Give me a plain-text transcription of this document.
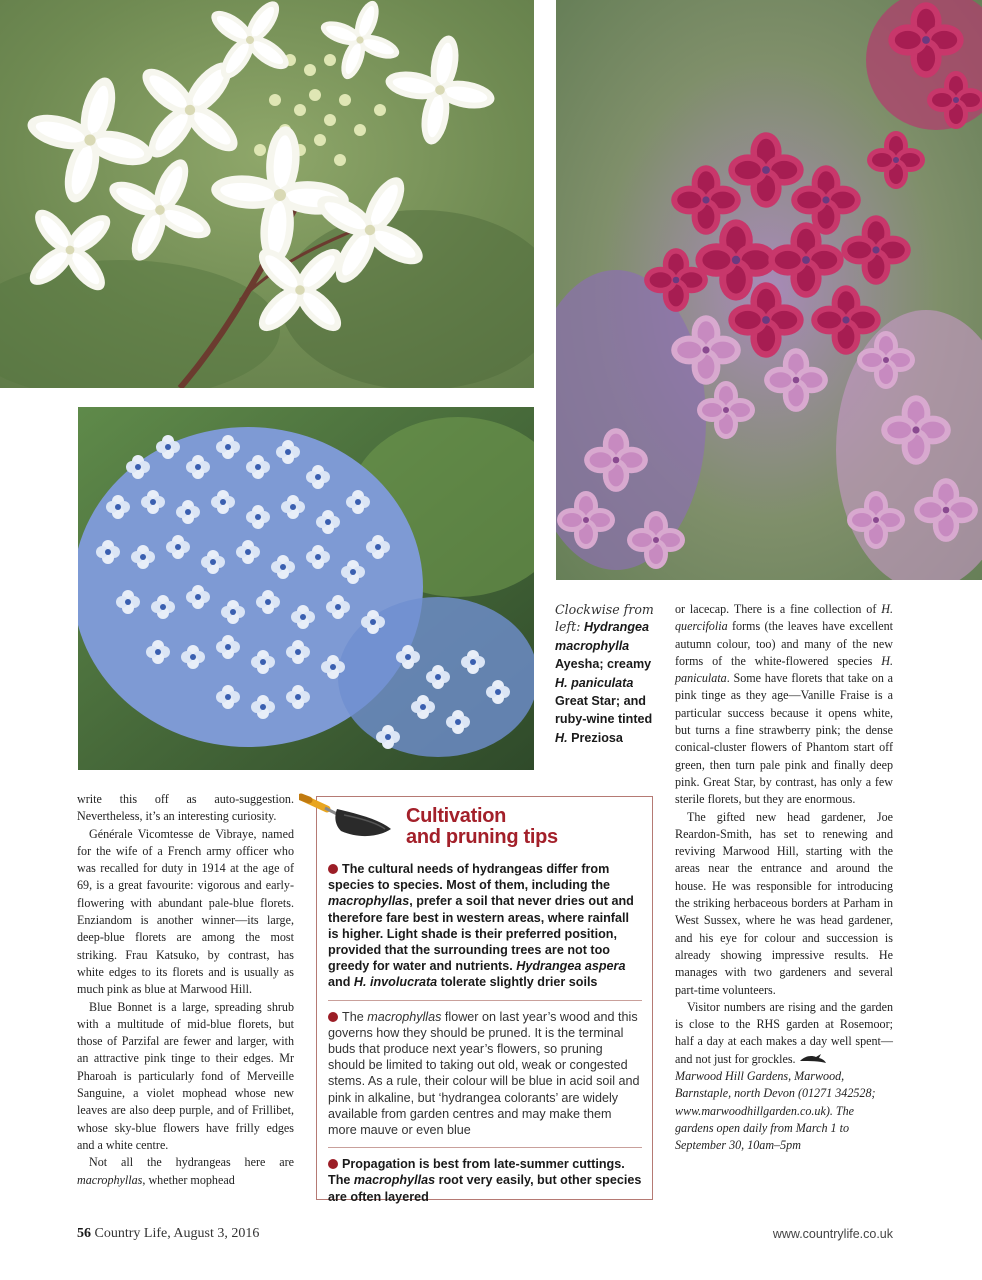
Clockwise from left: Hydrangea macrophylla Ayesha; creamy H. paniculata Great Star; and ruby-wine tinted H. Preziosa

write this off as auto-suggestion. Nevertheless, it’s an interesting curiosity.

Générale Vicomtesse de Vibraye, named for the wife of a French army officer who was recalled for duty in 1914 at the age of 69, is a great favourite: vigorous and early-flowering with abundant pale-blue florets. Enziandom is another winner—its large, deep-blue florets are among the most striking. Frau Katsuko, by contrast, has white edges to its florets and is usually as much pink as blue at Marwood Hill.

Blue Bonnet is a large, spreading shrub with a multitude of mid-blue florets, but those of Parzifal are fewer and larger, with an attractive pink tinge to their edges. Mr Pharoah is particularly fond of Merveille Sanguine, a violet mophead whose new leaves are also deep purple, and of Frillibet, whose sky-blue flowers have frilly edges and a white centre.

Not all the hydrangeas here are macrophyllas, whether mophead

Cultivation
and pruning tips
The cultural needs of hydrangeas differ from species to species. Most of them, including the macrophyllas, prefer a soil that never dries out and therefore fare best in western areas, where rainfall is higher. Light shade is their preferred position, provided that the surrounding trees are not too greedy for water and nutrients. Hydrangea aspera and H. involucrata tolerate slightly drier soils
The macrophyllas flower on last year’s wood and this governs how they should be pruned. It is the terminal buds that produce next year’s flowers, so pruning should be limited to taking out old, weak or congested stems. As a rule, their colour will be blue in acid soil and pink in alkaline, but ‘hydrangea colorants’ are widely available from garden centres and may make them more mauve or even blue
Propagation is best from late-summer cuttings. The macrophyllas root very easily, but other species are often layered

or lacecap. There is a fine collection of H. quercifolia forms (the leaves have excellent autumn colour, too) and many of the new forms of the white-flowered species H. paniculata. Some have florets that take on a pink tinge as they age—Vanille Fraise is a particular success because it opens white, but turns a fine strawberry pink; the dense conical-cluster flowers of Phantom start off green, then turn pale pink and finally deep pink. Great Star, by contrast, has only a few sterile florets, but they are enormous.

The gifted new head gardener, Joe Reardon-Smith, has set to renewing and reviving Marwood Hill, starting with the areas near the entrance and around the house. He was responsible for introducing the striking herbaceous borders at Parham in West Sussex, where he was head gardener, and his eye for colour and succession is already showing impressive results. He manages with two gardeners and several part-time volunteers.

Visitor numbers are rising and the garden is close to the RHS garden at Rosemoor; half a day at each makes a day well spent—and not just for grockles.

Marwood Hill Gardens, Marwood, Barnstaple, north Devon (01271 342528; www.marwoodhillgarden.co.uk). The gardens open daily from March 1 to September 30, 10am–5pm

56 Country Life, August 3, 2016	www.countrylife.co.uk
